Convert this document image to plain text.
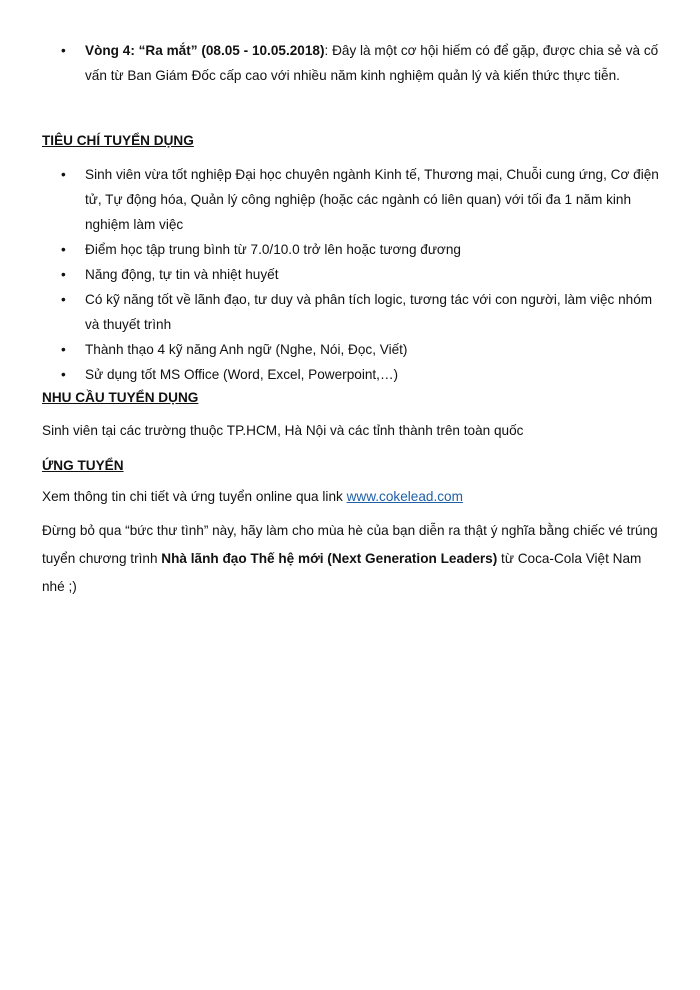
• Vòng 4: “Ra mắt” (08.05 - 10.05.2018): Đây là một cơ hội hiếm có để gặp, được chia sẻ và cố vấn từ Ban Giám Đốc cấp cao với nhiều năm kinh nghiệm quản lý và kiến thức thực tiễn.
TIÊU CHÍ TUYỂN DỤNG
• Sinh viên vừa tốt nghiệp Đại học chuyên ngành Kinh tế, Thương mại, Chuỗi cung ứng, Cơ điện tử, Tự động hóa, Quản lý công nghiệp (hoặc các ngành có liên quan) với tối đa 1 năm kinh nghiệm làm việc
• Điểm học tập trung bình từ 7.0/10.0 trở lên hoặc tương đương
• Năng động, tự tin và nhiệt huyết
• Có kỹ năng tốt về lãnh đạo, tư duy và phân tích logic, tương tác với con người, làm việc nhóm và thuyết trình
• Thành thạo 4 kỹ năng Anh ngữ (Nghe, Nói, Đọc, Viết)
• Sử dụng tốt MS Office (Word, Excel, Powerpoint,…)
NHU CẦU TUYỂN DỤNG

Sinh viên tại các trường thuộc TP.HCM, Hà Nội và các tỉnh thành trên toàn quốc

ỨNG TUYỂN

Xem thông tin chi tiết và ứng tuyển online qua link www.cokelead.com

Đừng bỏ qua “bức thư tình” này, hãy làm cho mùa hè của bạn diễn ra thật ý nghĩa bằng chiếc vé trúng tuyển chương trình Nhà lãnh đạo Thế hệ mới (Next Generation Leaders) từ Coca-Cola Việt Nam nhé ;)
